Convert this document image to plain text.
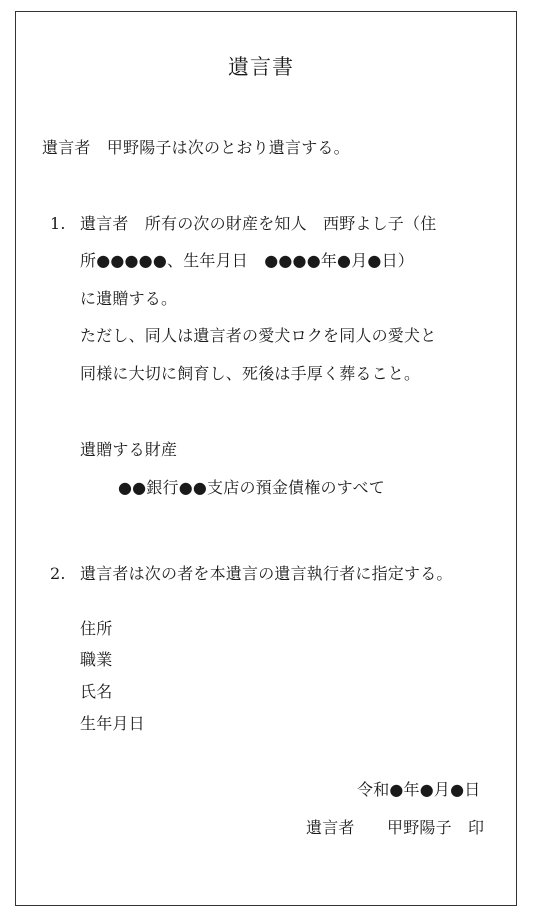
遺言書
遺言者　甲野陽子は次のとおり遺言する。
1. 遺言者　所有の次の財産を知人　西野よし子（住
所●●●●●、生年月日　●●●●年●月●日）
に遺贈する。
ただし、同人は遺言者の愛犬ロクを同人の愛犬と
同様に大切に飼育し、死後は手厚く葬ること。
遺贈する財産
●●銀行●●支店の預金債権のすべて
2. 遺言者は次の者を本遺言の遺言執行者に指定する。
住所
職業
氏名
生年月日
令和●年●月●日
遺言者　　甲野陽子　印
